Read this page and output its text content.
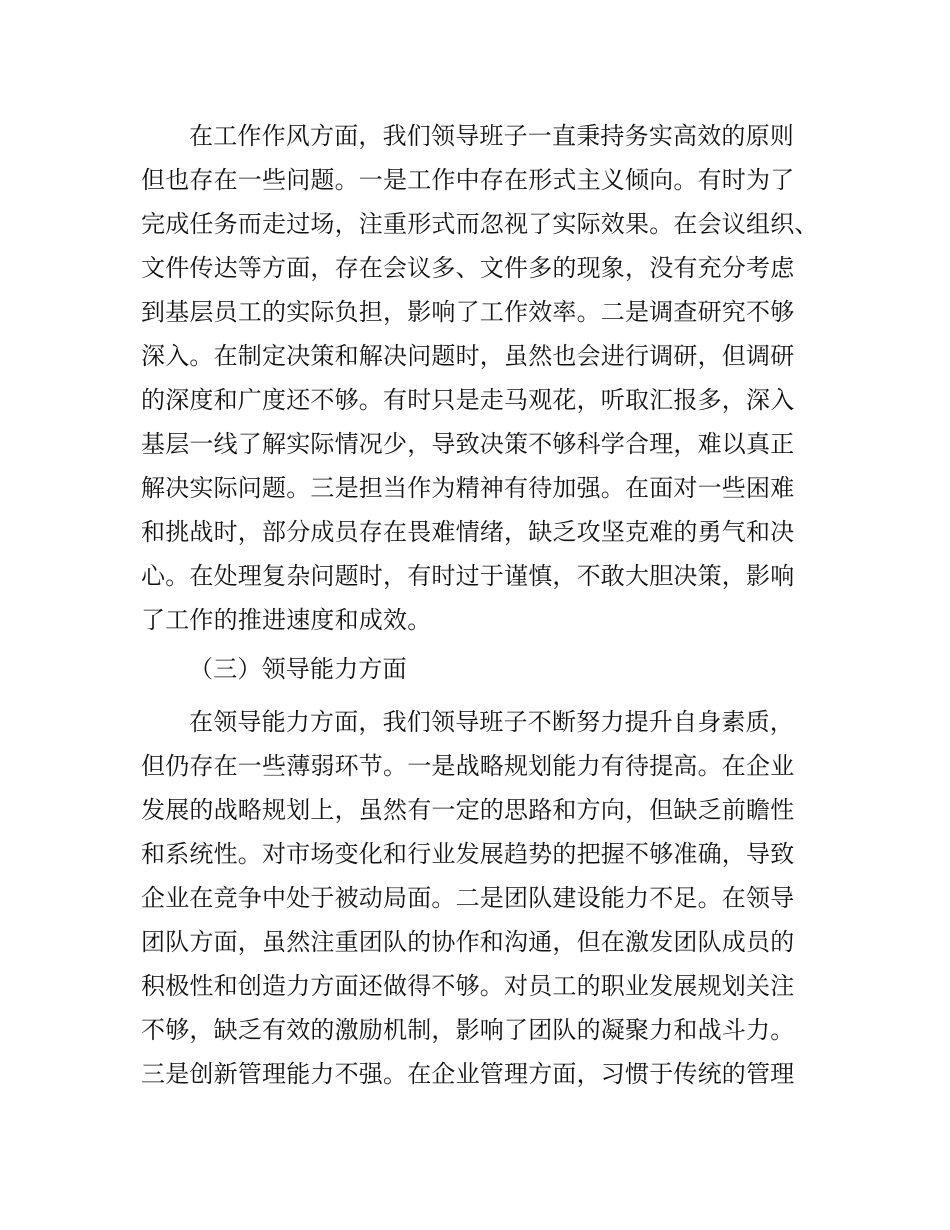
在工作作风方面，我们领导班子一直秉持务实高效的原则
但也存在一些问题。一是工作中存在形式主义倾向。有时为了
完成任务而走过场，注重形式而忽视了实际效果。在会议组织、
文件传达等方面，存在会议多、文件多的现象，没有充分考虑
到基层员工的实际负担，影响了工作效率。二是调查研究不够
深入。在制定决策和解决问题时，虽然也会进行调研，但调研
的深度和广度还不够。有时只是走马观花，听取汇报多，深入
基层一线了解实际情况少，导致决策不够科学合理，难以真正
解决实际问题。三是担当作为精神有待加强。在面对一些困难
和挑战时，部分成员存在畏难情绪，缺乏攻坚克难的勇气和决
心。在处理复杂问题时，有时过于谨慎，不敢大胆决策，影响
了工作的推进速度和成效。
（三）领导能力方面
在领导能力方面，我们领导班子不断努力提升自身素质，
但仍存在一些薄弱环节。一是战略规划能力有待提高。在企业
发展的战略规划上，虽然有一定的思路和方向，但缺乏前瞻性
和系统性。对市场变化和行业发展趋势的把握不够准确，导致
企业在竞争中处于被动局面。二是团队建设能力不足。在领导
团队方面，虽然注重团队的协作和沟通，但在激发团队成员的
积极性和创造力方面还做得不够。对员工的职业发展规划关注
不够，缺乏有效的激励机制，影响了团队的凝聚力和战斗力。
三是创新管理能力不强。在企业管理方面，习惯于传统的管理
